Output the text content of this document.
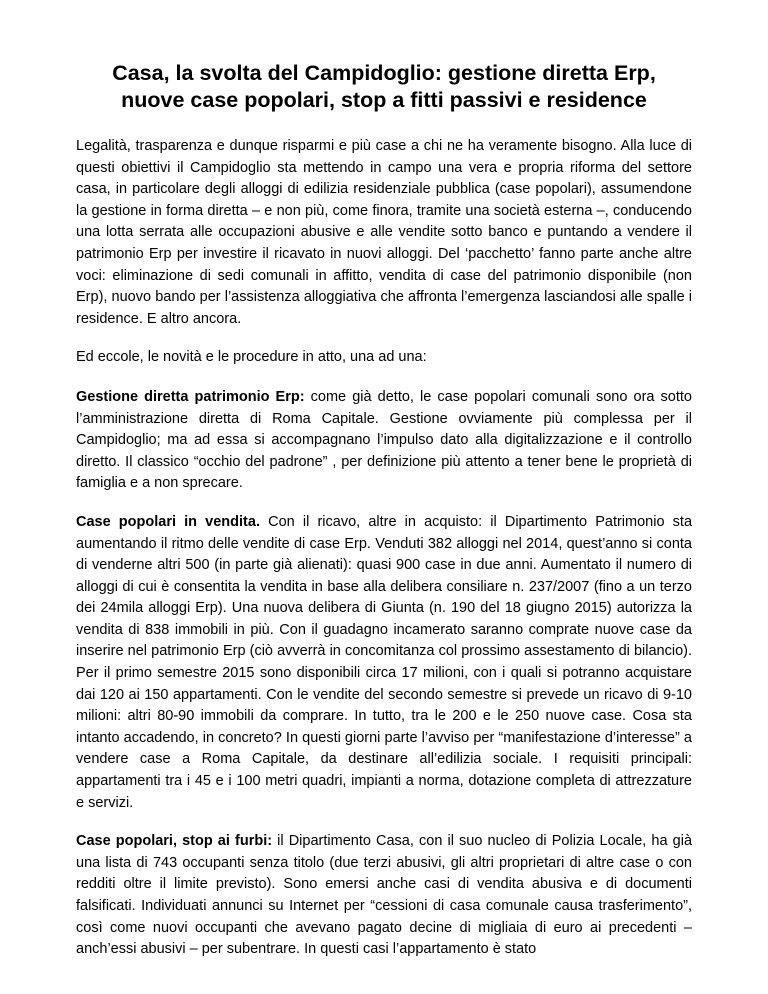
Casa, la svolta del Campidoglio: gestione diretta Erp,
nuove case popolari, stop a fitti passivi e residence

Legalità, trasparenza e dunque risparmi e più case a chi ne ha veramente bisogno. Alla luce di questi obiettivi il Campidoglio sta mettendo in campo una vera e propria riforma del settore casa, in particolare degli alloggi di edilizia residenziale pubblica (case popolari), assumendone la gestione in forma diretta – e non più, come finora, tramite una società esterna –, conducendo una lotta serrata alle occupazioni abusive e alle vendite sotto banco e puntando a vendere il patrimonio Erp per investire il ricavato in nuovi alloggi. Del ‘pacchetto’ fanno parte anche altre voci: eliminazione di sedi comunali in affitto, vendita di case del patrimonio disponibile (non Erp), nuovo bando per l’assistenza alloggiativa che affronta l’emergenza lasciandosi alle spalle i residence. E altro ancora.

Ed eccole, le novità e le procedure in atto, una ad una:

Gestione diretta patrimonio Erp: come già detto, le case popolari comunali sono ora sotto l’amministrazione diretta di Roma Capitale. Gestione ovviamente più complessa per il Campidoglio; ma ad essa si accompagnano l’impulso dato alla digitalizzazione e il controllo diretto. Il classico “occhio del padrone” , per definizione più attento a tener bene le proprietà di famiglia e a non sprecare.

Case popolari in vendita. Con il ricavo, altre in acquisto: il Dipartimento Patrimonio sta aumentando il ritmo delle vendite di case Erp. Venduti 382 alloggi nel 2014, quest’anno si conta di venderne altri 500 (in parte già alienati): quasi 900 case in due anni. Aumentato il numero di alloggi di cui è consentita la vendita in base alla delibera consiliare n. 237/2007 (fino a un terzo dei 24mila alloggi Erp). Una nuova delibera di Giunta (n. 190 del 18 giugno 2015) autorizza la vendita di 838 immobili in più. Con il guadagno incamerato saranno comprate nuove case da inserire nel patrimonio Erp (ciò avverrà in concomitanza col prossimo assestamento di bilancio). Per il primo semestre 2015 sono disponibili circa 17 milioni, con i quali si potranno acquistare dai 120 ai 150 appartamenti. Con le vendite del secondo semestre si prevede un ricavo di 9-10 milioni: altri 80-90 immobili da comprare. In tutto, tra le 200 e le 250 nuove case. Cosa sta intanto accadendo, in concreto? In questi giorni parte l’avviso per “manifestazione d’interesse” a vendere case a Roma Capitale, da destinare all’edilizia sociale. I requisiti principali: appartamenti tra i 45 e i 100 metri quadri, impianti a norma, dotazione completa di attrezzature e servizi.

Case popolari, stop ai furbi: il Dipartimento Casa, con il suo nucleo di Polizia Locale, ha già una lista di 743 occupanti senza titolo (due terzi abusivi, gli altri proprietari di altre case o con redditi oltre il limite previsto). Sono emersi anche casi di vendita abusiva e di documenti falsificati. Individuati annunci su Internet per “cessioni di casa comunale causa trasferimento”, così come nuovi occupanti che avevano pagato decine di migliaia di euro ai precedenti – anch’essi abusivi – per subentrare. In questi casi l’appartamento è stato
